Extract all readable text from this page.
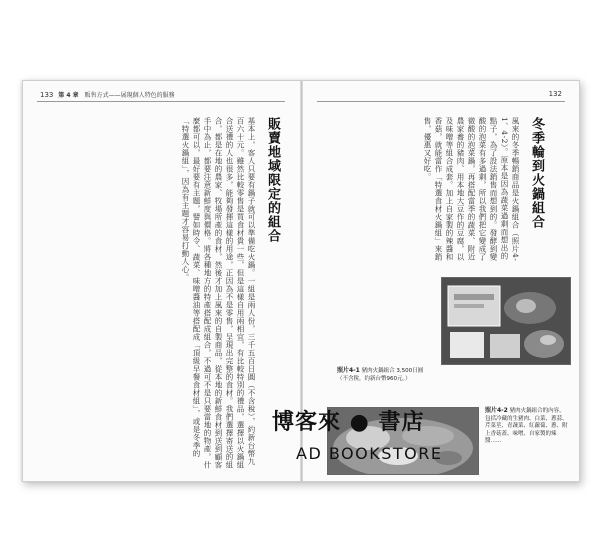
133 第 4 章 販售方式——展現個人特色的服務	132
冬季輪到火鍋組合
風來的冬季暢銷商品是火鍋組合（照片4-1、4-2）。原本是因為蔬菜過剩而想出的點子，為了設法銷售而想到的。發酵到變酸的泡菜有多過剩，所以我們把它變成了微酸的泡菜鍋，再搭配當季的蔬菜、附近農家養的豬肉、用本地大豆作的豆腐，以及味噌等組合成套。加上自家製的辣醬和香菇，就能當作「特選食材火鍋組」來銷售，優惠又好吃。
照片4-1 豬肉火鍋組合 3,500日圓（不含稅，約新台幣960元。）
照片4-2 豬肉火鍋組合的內容，包括冷藏的生豬肉、白菜、蔥蒜、芹菜莖、青蔬菜、紅蘿蔔、蔥、附上香菇蓋、味噌、自家製的辣醬……
販賣地域限定的組合
基本上，客人只要有鍋子就可以準備吃火鍋。一組是兩人份，三千五百日圓（不含稅），約新台幣九百六十元。雖然比較零售是買食材貴一些，但是這樣自用兩相宜，有比較特別的禮品，選擇以火鍋組合送禮的人也很多，能夠發揮這樣的用途，正因為不是零售，呈現出完整的食材。我們選擇寄送的組合，都是在地的農家、牧場所產的食材，然後才加上風來的自製商品，從本地的新鮮食材到送到顧客手中為止，都要注意新鮮度與價格。將各種地方的特產搭配成組合，不過可不是只要當地的物產，什麼都可以，最好要有主題，譬如時令、蔬菜、味噌醬油等搭配成「頂級早餐食材組」，或是冬季的「特選火鍋組」，因為有主題才容易打動人心。
博客來 ● 書店
AD BOOKSTORE
